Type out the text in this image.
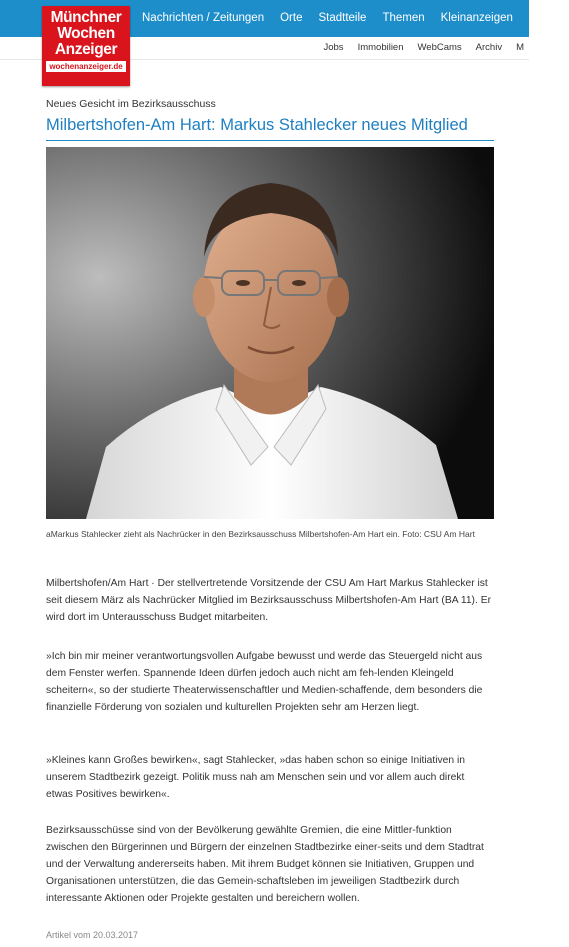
Nachrichten / Zeitungen Orte Stadtteile Themen Kleinanzeigen Gew
Jobs Immobilien WebCams Archiv M
Münchner
Wochen
Anzeiger
wochenanzeiger.de
Neues Gesicht im Bezirksausschuss
Milbertshofen-Am Hart: Markus Stahlecker neues Mitglied
aMarkus Stahlecker zieht als Nachrücker in den Bezirksausschuss Milbertshofen-Am Hart ein. Foto: CSU Am Hart

Milbertshofen/Am Hart · Der stellvertretende Vorsitzende der CSU Am Hart Markus Stahlecker ist seit diesem März als Nachrücker Mitglied im Bezirksausschuss Milbertshofen-Am Hart (BA 11). Er wird dort im Unterausschuss Budget mitarbeiten.

»Ich bin mir meiner verantwortungsvollen Aufgabe bewusst und werde das Steuergeld nicht aus dem Fenster werfen. Spannende Ideen dürfen jedoch auch nicht am feh-lenden Kleingeld scheitern«, so der studierte Theaterwissenschaftler und Medien-schaffende, dem besonders die finanzielle Förderung von sozialen und kulturellen Projekten sehr am Herzen liegt.

»Kleines kann Großes bewirken«, sagt Stahlecker, »das haben schon so einige Initiativen in unserem Stadtbezirk gezeigt. Politik muss nah am Menschen sein und vor allem auch direkt etwas Positives bewirken«.

Bezirksausschüsse sind von der Bevölkerung gewählte Gremien, die eine Mittler-funktion zwischen den Bürgerinnen und Bürgern der einzelnen Stadtbezirke einer-seits und dem Stadtrat und der Verwaltung andererseits haben. Mit ihrem Budget können sie Initiativen, Gruppen und Organisationen unterstützen, die das Gemein-schaftsleben im jeweiligen Stadtbezirk durch interessante Aktionen oder Projekte gestalten und bereichern wollen.

Artikel vom 20.03.2017
